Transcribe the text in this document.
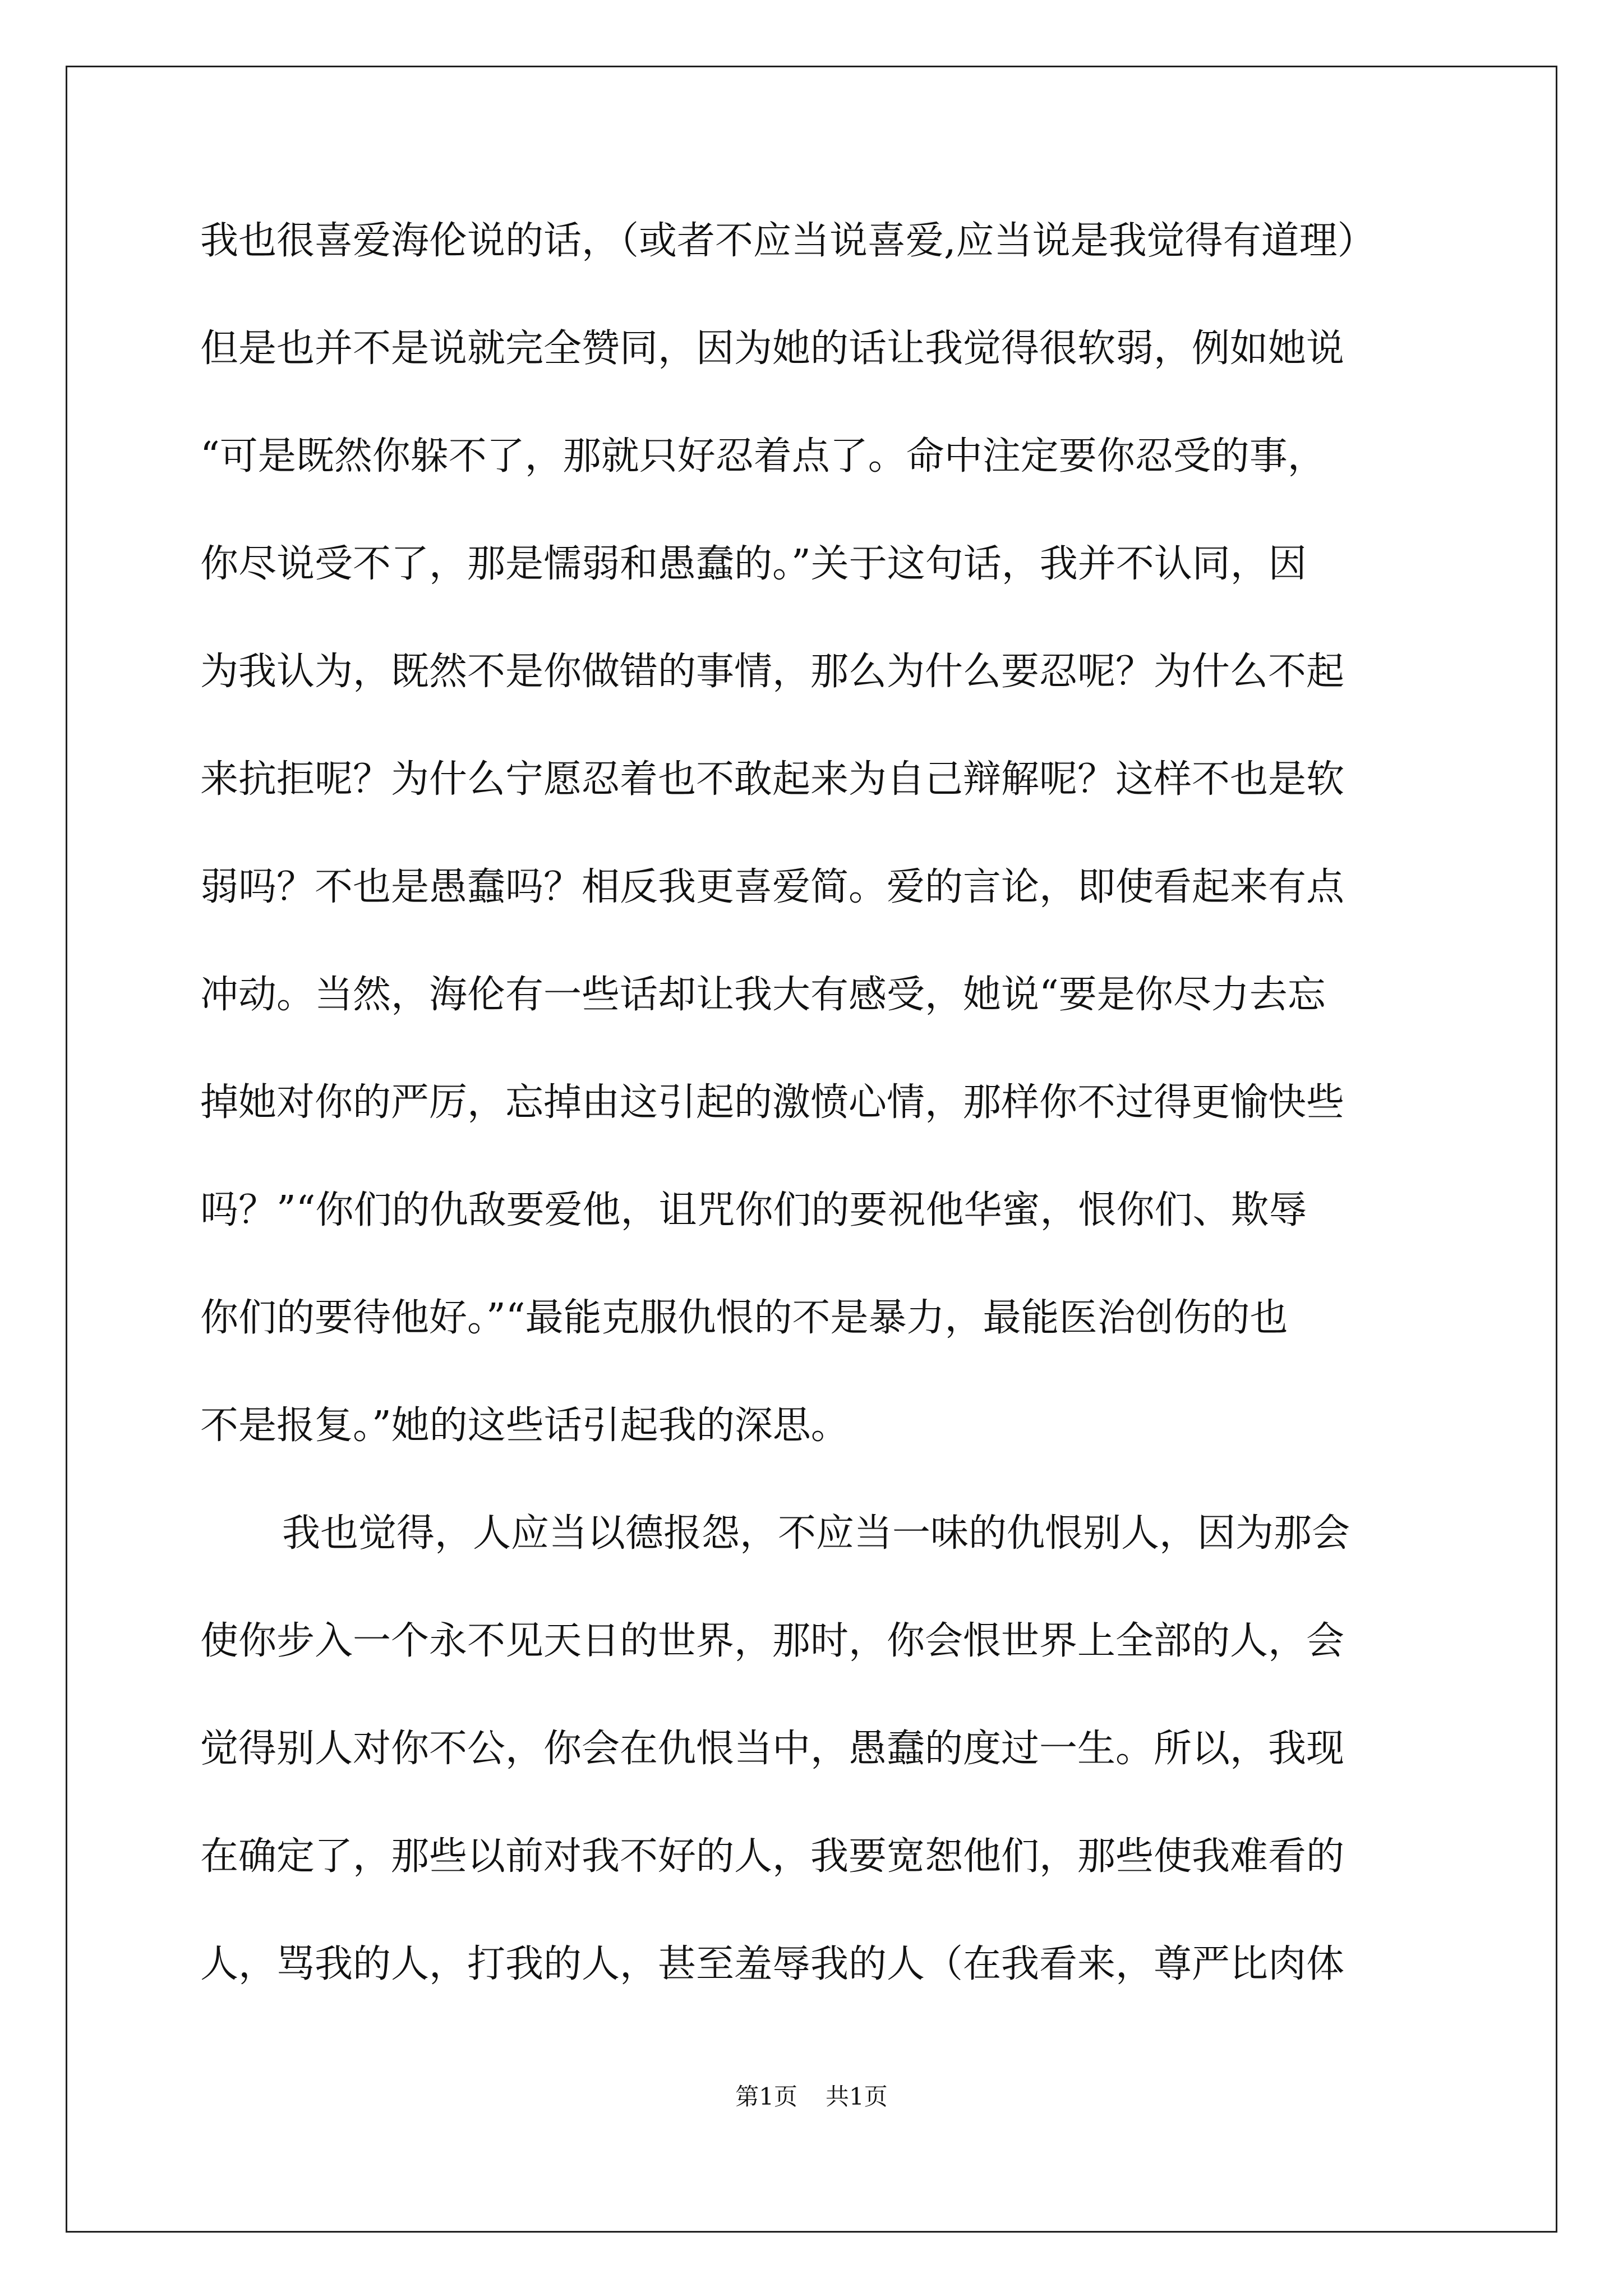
我也很喜爱海伦说的话，（或者不应当说喜爱,应当说是我觉得有道理）
但是也并不是说就完全赞同，因为她的话让我觉得很软弱，例如她说
“可是既然你躲不了，那就只好忍着点了。命中注定要你忍受的事，
你尽说受不了，那是懦弱和愚蠢的。”关于这句话，我并不认同，因
为我认为，既然不是你做错的事情，那么为什么要忍呢？为什么不起
来抗拒呢？为什么宁愿忍着也不敢起来为自己辩解呢？这样不也是软
弱吗？不也是愚蠢吗？相反我更喜爱简。爱的言论，即使看起来有点
冲动。当然，海伦有一些话却让我大有感受，她说“要是你尽力去忘
掉她对你的严厉，忘掉由这引起的激愤心情，那样你不过得更愉快些
吗？”“你们的仇敌要爱他，诅咒你们的要祝他华蜜，恨你们、欺辱
你们的要待他好。”“最能克服仇恨的不是暴力，最能医治创伤的也
不是报复。”她的这些话引起我的深思。
我也觉得，人应当以德报怨，不应当一味的仇恨别人，因为那会
使你步入一个永不见天日的世界，那时，你会恨世界上全部的人，会
觉得别人对你不公，你会在仇恨当中，愚蠢的度过一生。所以，我现
在确定了，那些以前对我不好的人，我要宽恕他们，那些使我难看的
人，骂我的人，打我的人，甚至羞辱我的人（在我看来，尊严比肉体
第1页 共1页
